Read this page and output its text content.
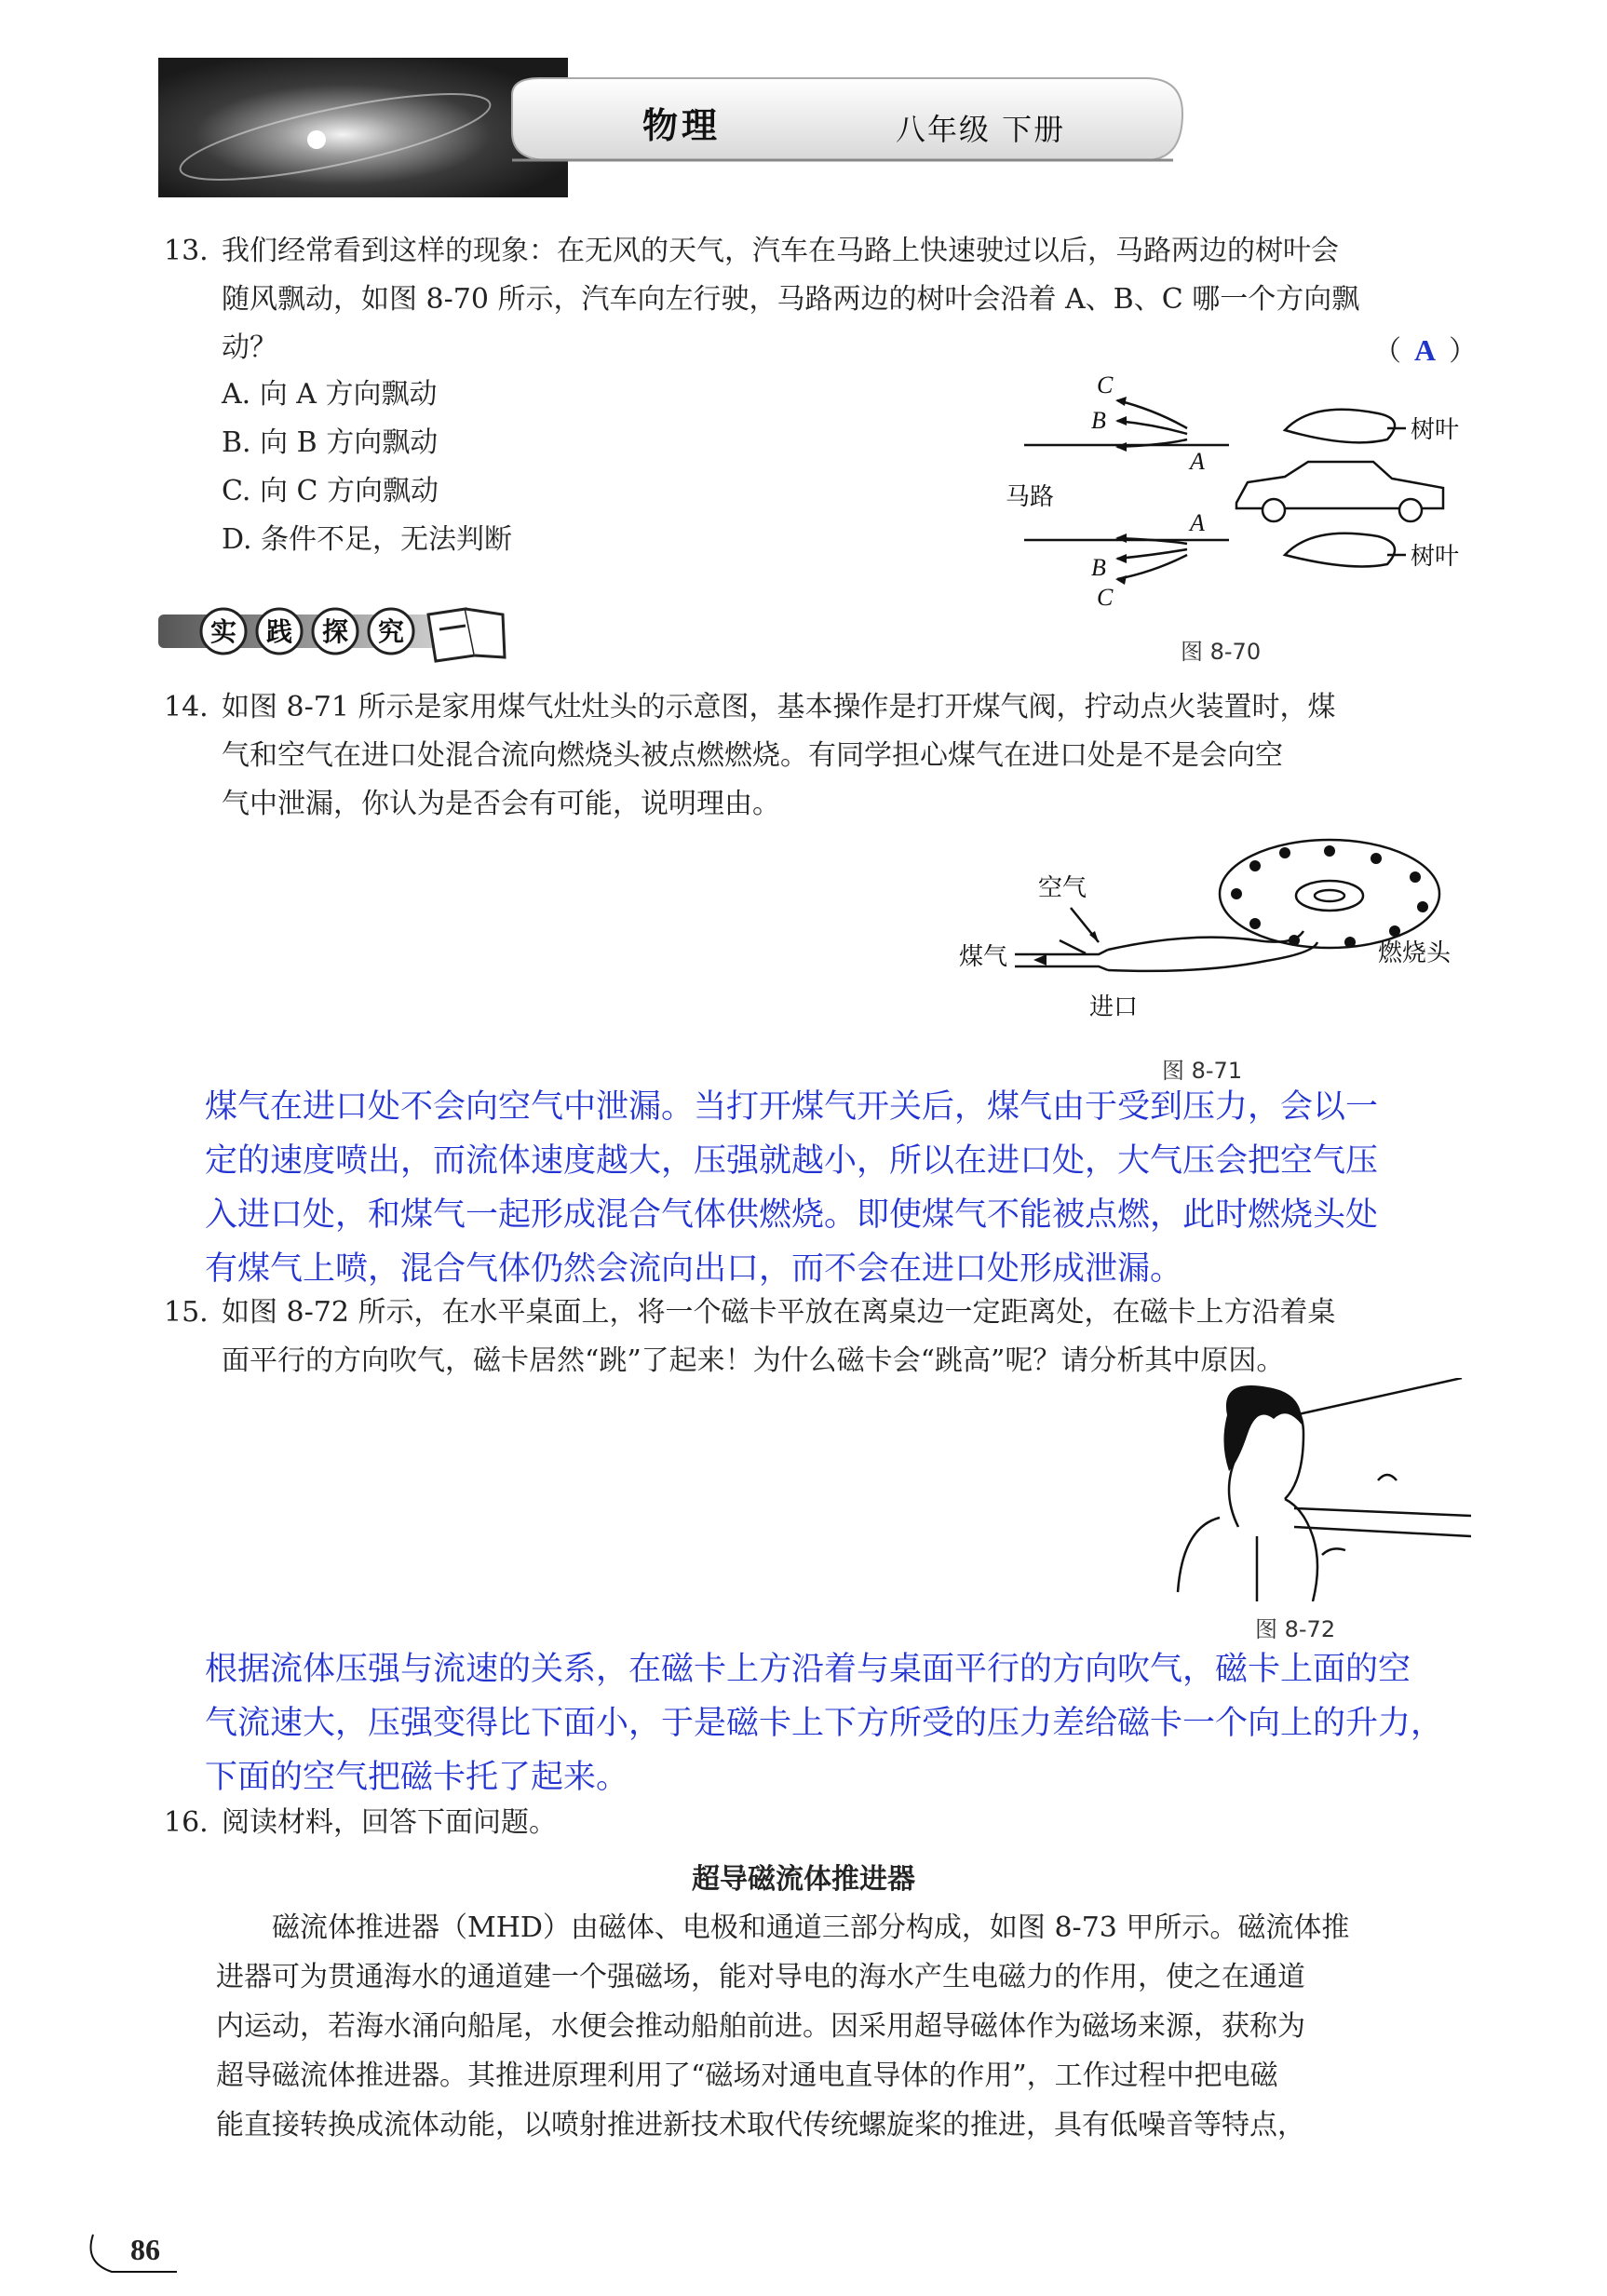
物理	八年级 下册
13. 我们经常看到这样的现象：在无风的天气，汽车在马路上快速驶过以后，马路两边的树叶会
随风飘动，如图 8-70 所示，汽车向左行驶，马路两边的树叶会沿着 A、B、C 哪一个方向飘
动？	（ A ）
A. 向 A 方向飘动
B. 向 B 方向飘动
C. 向 C 方向飘动
D. 条件不足，无法判断
C
B
A
A
B
C
马路
树叶
树叶
图 8-70
实 践 探 究
14. 如图 8-71 所示是家用煤气灶灶头的示意图，基本操作是打开煤气阀，拧动点火装置时，煤
气和空气在进口处混合流向燃烧头被点燃燃烧。有同学担心煤气在进口处是不是会向空
气中泄漏，你认为是否会有可能，说明理由。
空气
煤气
进口
燃烧头
图 8-71
煤气在进口处不会向空气中泄漏。当打开煤气开关后，煤气由于受到压力，会以一
定的速度喷出，而流体速度越大，压强就越小，所以在进口处，大气压会把空气压
入进口处，和煤气一起形成混合气体供燃烧。即使煤气不能被点燃，此时燃烧头处
有煤气上喷，混合气体仍然会流向出口，而不会在进口处形成泄漏。
15. 如图 8-72 所示，在水平桌面上，将一个磁卡平放在离桌边一定距离处，在磁卡上方沿着桌
面平行的方向吹气，磁卡居然“跳”了起来！为什么磁卡会“跳高”呢？请分析其中原因。
图 8-72
根据流体压强与流速的关系，在磁卡上方沿着与桌面平行的方向吹气，磁卡上面的空
气流速大，压强变得比下面小，于是磁卡上下方所受的压力差给磁卡一个向上的升力，
下面的空气把磁卡托了起来。
16. 阅读材料，回答下面问题。
超导磁流体推进器
磁流体推进器（MHD）由磁体、电极和通道三部分构成，如图 8-73 甲所示。磁流体推
进器可为贯通海水的通道建一个强磁场，能对导电的海水产生电磁力的作用，使之在通道
内运动，若海水涌向船尾，水便会推动船舶前进。因采用超导磁体作为磁场来源，获称为
超导磁流体推进器。其推进原理利用了“磁场对通电直导体的作用”，工作过程中把电磁
能直接转换成流体动能，以喷射推进新技术取代传统螺旋桨的推进，具有低噪音等特点，
86
